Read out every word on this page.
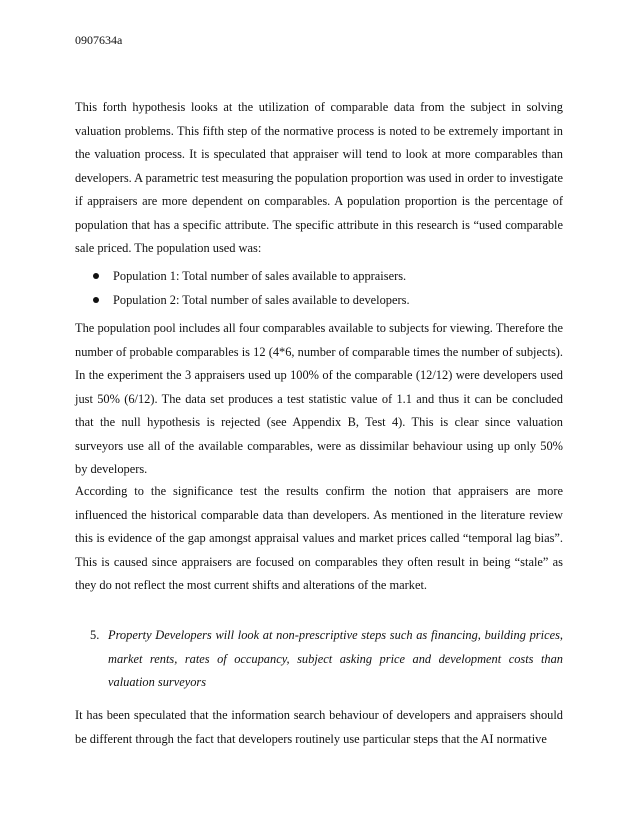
0907634a

This forth hypothesis looks at the utilization of comparable data from the subject in solving valuation problems. This fifth step of the normative process is noted to be extremely important in the valuation process. It is speculated that appraiser will tend to look at more comparables than developers. A parametric test measuring the population proportion was used in order to investigate if appraisers are more dependent on comparables. A population proportion is the percentage of population that has a specific attribute. The specific attribute in this research is “used comparable sale priced. The population used was:

Population 1: Total number of sales available to appraisers.
Population 2: Total number of sales available to developers.

The population pool includes all four comparables available to subjects for viewing. Therefore the number of probable comparables is 12 (4*6, number of comparable times the number of subjects). In the experiment the 3 appraisers used up 100% of the comparable (12/12) were developers used just 50% (6/12). The data set produces a test statistic value of 1.1 and thus it can be concluded that the null hypothesis is rejected (see Appendix B, Test 4). This is clear since valuation surveyors use all of the available comparables, were as dissimilar behaviour using up only 50% by developers.

According to the significance test the results confirm the notion that appraisers are more influenced the historical comparable data than developers. As mentioned in the literature review this is evidence of the gap amongst appraisal values and market prices called “temporal lag bias”. This is caused since appraisers are focused on comparables they often result in being “stale” as they do not reflect the most current shifts and alterations of the market.

5. Property Developers will look at non-prescriptive steps such as financing, building prices, market rents, rates of occupancy, subject asking price and development costs than valuation surveyors

It has been speculated that the information search behaviour of developers and appraisers should be different through the fact that developers routinely use particular steps that the AI normative
